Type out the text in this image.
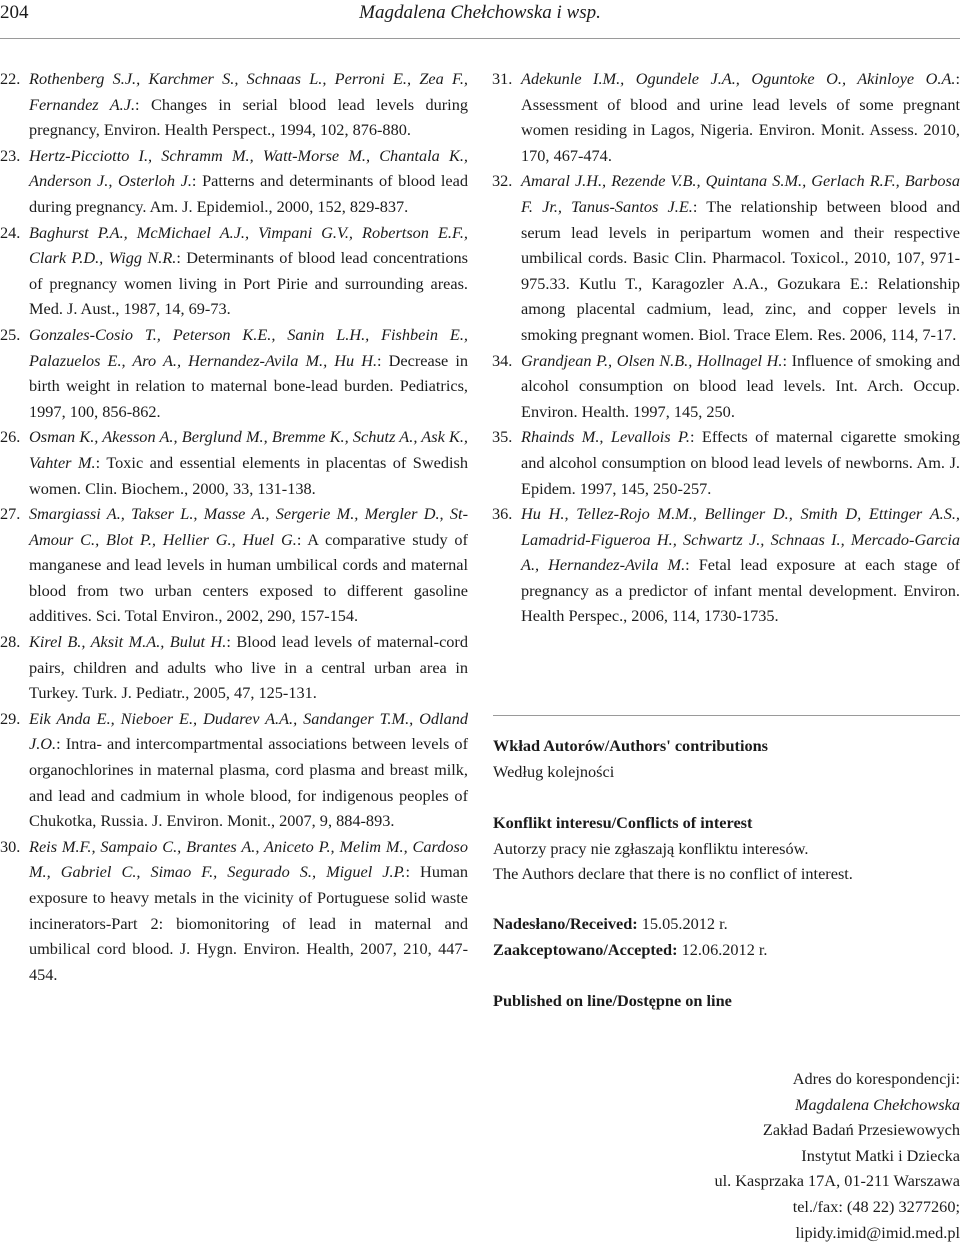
204	Magdalena Chełchowska i wsp.

22. Rothenberg S.J., Karchmer S., Schnaas L., Perroni E., Zea F., Fernandez A.J.: Changes in serial blood lead levels during pregnancy, Environ. Health Perspect., 1994, 102, 876-880.

23. Hertz-Picciotto I., Schramm M., Watt-Morse M., Chantala K., Anderson J., Osterloh J.: Patterns and determinants of blood lead during pregnancy. Am. J. Epidemiol., 2000, 152, 829-837.

24. Baghurst P.A., McMichael A.J., Vimpani G.V., Robertson E.F., Clark P.D., Wigg N.R.: Determinants of blood lead concentrations of pregnancy women living in Port Pirie and surrounding areas. Med. J. Aust., 1987, 14, 69-73.

25. Gonzales-Cosio T., Peterson K.E., Sanin L.H., Fishbein E., Palazuelos E., Aro A., Hernandez-Avila M., Hu H.: Decrease in birth weight in relation to maternal bone-lead burden. Pediatrics, 1997, 100, 856-862.

26. Osman K., Akesson A., Berglund M., Bremme K., Schutz A., Ask K., Vahter M.: Toxic and essential elements in placentas of Swedish women. Clin. Biochem., 2000, 33, 131-138.

27. Smargiassi A., Takser L., Masse A., Sergerie M., Mergler D., St-Amour C., Blot P., Hellier G., Huel G.: A comparative study of manganese and lead levels in human umbilical cords and maternal blood from two urban centers exposed to different gasoline additives. Sci. Total Environ., 2002, 290, 157-154.

28. Kirel B., Aksit M.A., Bulut H.: Blood lead levels of maternal-cord pairs, children and adults who live in a central urban area in Turkey. Turk. J. Pediatr., 2005, 47, 125-131.

29. Eik Anda E., Nieboer E., Dudarev A.A., Sandanger T.M., Odland J.O.: Intra- and intercompartmental associations between levels of organochlorines in maternal plasma, cord plasma and breast milk, and lead and cadmium in whole blood, for indigenous peoples of Chukotka, Russia. J. Environ. Monit., 2007, 9, 884-893.

30. Reis M.F., Sampaio C., Brantes A., Aniceto P., Melim M., Cardoso M., Gabriel C., Simao F., Segurado S., Miguel J.P.: Human exposure to heavy metals in the vicinity of Portuguese solid waste incinerators-Part 2: biomonitoring of lead in maternal and umbilical cord blood. J. Hygn. Environ. Health, 2007, 210, 447-454.

31. Adekunle I.M., Ogundele J.A., Oguntoke O., Akinloye O.A.: Assessment of blood and urine lead levels of some pregnant women residing in Lagos, Nigeria. Environ. Monit. Assess. 2010, 170, 467-474.

32. Amaral J.H., Rezende V.B., Quintana S.M., Gerlach R.F., Barbosa F. Jr., Tanus-Santos J.E.: The relationship between blood and serum lead levels in peripartum women and their respective umbilical cords. Basic Clin. Pharmacol. Toxicol., 2010, 107, 971-975.33. Kutlu T., Karagozler A.A., Gozukara E.: Relationship among placental cadmium, lead, zinc, and copper levels in smoking pregnant women. Biol. Trace Elem. Res. 2006, 114, 7-17.

34. Grandjean P., Olsen N.B., Hollnagel H.: Influence of smoking and alcohol consumption on blood lead levels. Int. Arch. Occup. Environ. Health. 1997, 145, 250.

35. Rhainds M., Levallois P.: Effects of maternal cigarette smoking and alcohol consumption on blood lead levels of newborns. Am. J. Epidem. 1997, 145, 250-257.

36. Hu H., Tellez-Rojo M.M., Bellinger D., Smith D, Ettinger A.S., Lamadrid-Figueroa H., Schwartz J., Schnaas I., Mercado-Garcia A., Hernandez-Avila M.: Fetal lead exposure at each stage of pregnancy as a predictor of infant mental development. Environ. Health Perspec., 2006, 114, 1730-1735.

Wkład Autorów/Authors' contributions
Według kolejności
Konflikt interesu/Conflicts of interest
Autorzy pracy nie zgłaszają konfliktu interesów.
The Authors declare that there is no conflict of interest.
Nadesłano/Received: 15.05.2012 r.
Zaakceptowano/Accepted: 12.06.2012 r.
Published on line/Dostępne on line
Adres do korespondencji:
Magdalena Chełchowska
Zakład Badań Przesiewowych
Instytut Matki i Dziecka
ul. Kasprzaka 17A, 01-211 Warszawa
tel./fax: (48 22) 3277260;
lipidy.imid@imid.med.pl
